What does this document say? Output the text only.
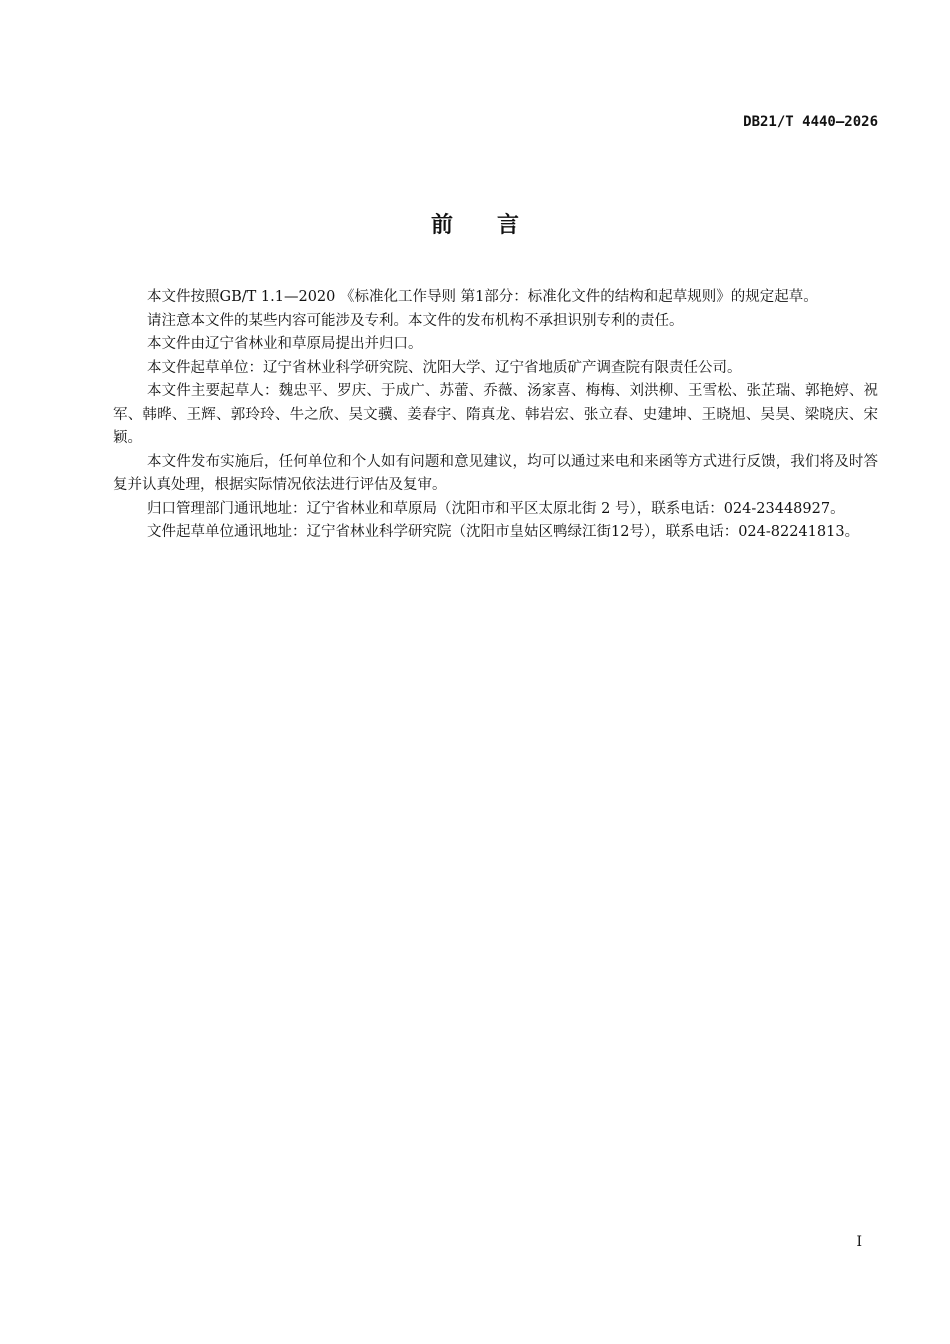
DB21/T 4440—2026
前 言

本文件按照GB/T 1.1—2020 《标准化工作导则 第1部分：标准化文件的结构和起草规则》的规定起草。

请注意本文件的某些内容可能涉及专利。本文件的发布机构不承担识别专利的责任。

本文件由辽宁省林业和草原局提出并归口。

本文件起草单位：辽宁省林业科学研究院、沈阳大学、辽宁省地质矿产调查院有限责任公司。

本文件主要起草人：魏忠平、罗庆、于成广、苏蕾、乔薇、汤家喜、梅梅、刘洪柳、王雪松、张芷瑞、郭艳婷、祝军、韩晔、王辉、郭玲玲、牛之欣、吴文骥、姜春宇、隋真龙、韩岩宏、张立春、史建坤、王晓旭、吴昊、梁晓庆、宋颖。

本文件发布实施后，任何单位和个人如有问题和意见建议，均可以通过来电和来函等方式进行反馈，我们将及时答复并认真处理，根据实际情况依法进行评估及复审。

归口管理部门通讯地址：辽宁省林业和草原局（沈阳市和平区太原北街 2 号），联系电话：024-23448927。

文件起草单位通讯地址：辽宁省林业科学研究院（沈阳市皇姑区鸭绿江街12号），联系电话：024-82241813。

I
